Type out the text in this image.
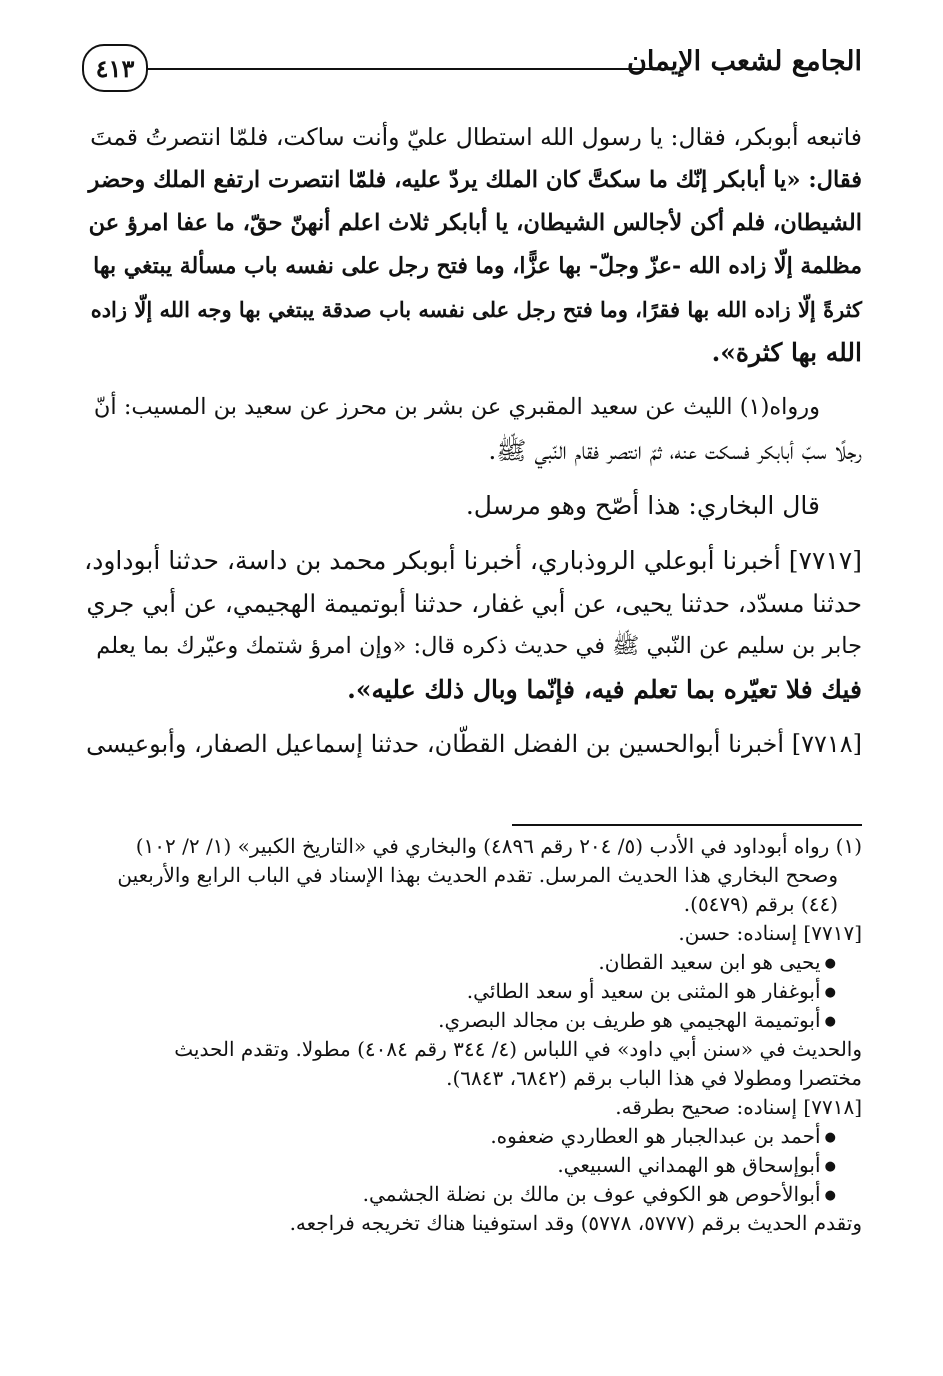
٤١٣	الجامع لشعب الإيمان
فاتبعه أبوبكر، فقال: يا رسول الله استطال عليّ وأنت ساكت، فلمّا انتصرتُ قمتَ
فقال: «يا أبابكر إنّك ما سكتَّ كان الملك يردّ عليه، فلمّا انتصرت ارتفع الملك وحضر
الشيطان، فلم أكن لأجالس الشيطان، يا أبابكر ثلاث اعلم أنهنّ حقّ، ما عفا امرؤ عن
مظلمة إلّا زاده الله -عزّ وجلّ- بها عزًّا، وما فتح رجل على نفسه باب مسألة يبتغي بها
كثرةً إلّا زاده الله بها فقرًا، وما فتح رجل على نفسه باب صدقة يبتغي بها وجه الله إلّا زاده
الله بها كثرة».
ورواه(١) الليث عن سعيد المقبري عن بشر بن محرز عن سعيد بن المسيب: أنّ
رجلًا سبّ أبابكر فسكت عنه، ثمّ انتصر فقام النّبي ﷺ.
قال البخاري: هذا أصّح وهو مرسل.
[٧٧١٧] أخبرنا أبوعلي الروذباري، أخبرنا أبوبكر محمد بن داسة، حدثنا أبوداود،
حدثنا مسدّد، حدثنا يحيى، عن أبي غفار، حدثنا أبوتميمة الهجيمي، عن أبي جري
جابر بن سليم عن النّبي ﷺ في حديث ذكره قال: «وإن امرؤ شتمك وعيّرك بما يعلم
فيك فلا تعيّره بما تعلم فيه، فإنّما وبال ذلك عليه».
[٧٧١٨] أخبرنا أبوالحسين بن الفضل القطّان، حدثنا إسماعيل الصفار، وأبوعيسى
(١) رواه أبوداود في الأدب (٥/ ٢٠٤ رقم ٤٨٩٦) والبخاري في «التاريخ الكبير» (١/ ٢/ ١٠٢)
وصحح البخاري هذا الحديث المرسل. تقدم الحديث بهذا الإسناد في الباب الرابع والأربعين
(٤٤) برقم (٥٤٧٩).
[٧٧١٧] إسناده: حسن.
● يحيى هو ابن سعيد القطان.
● أبوغفار هو المثنى بن سعيد أو سعد الطائي.
● أبوتميمة الهجيمي هو طريف بن مجالد البصري.
والحديث في «سنن أبي داود» في اللباس (٤/ ٣٤٤ رقم ٤٠٨٤) مطولا. وتقدم الحديث
مختصرا ومطولا في هذا الباب برقم (٦٨٤٢، ٦٨٤٣).
[٧٧١٨] إسناده: صحيح بطرقه.
● أحمد بن عبدالجبار هو العطاردي ضعفوه.
● أبوإسحاق هو الهمداني السبيعي.
● أبوالأحوص هو الكوفي عوف بن مالك بن نضلة الجشمي.
وتقدم الحديث برقم (٥٧٧٧، ٥٧٧٨) وقد استوفينا هناك تخريجه فراجعه.
